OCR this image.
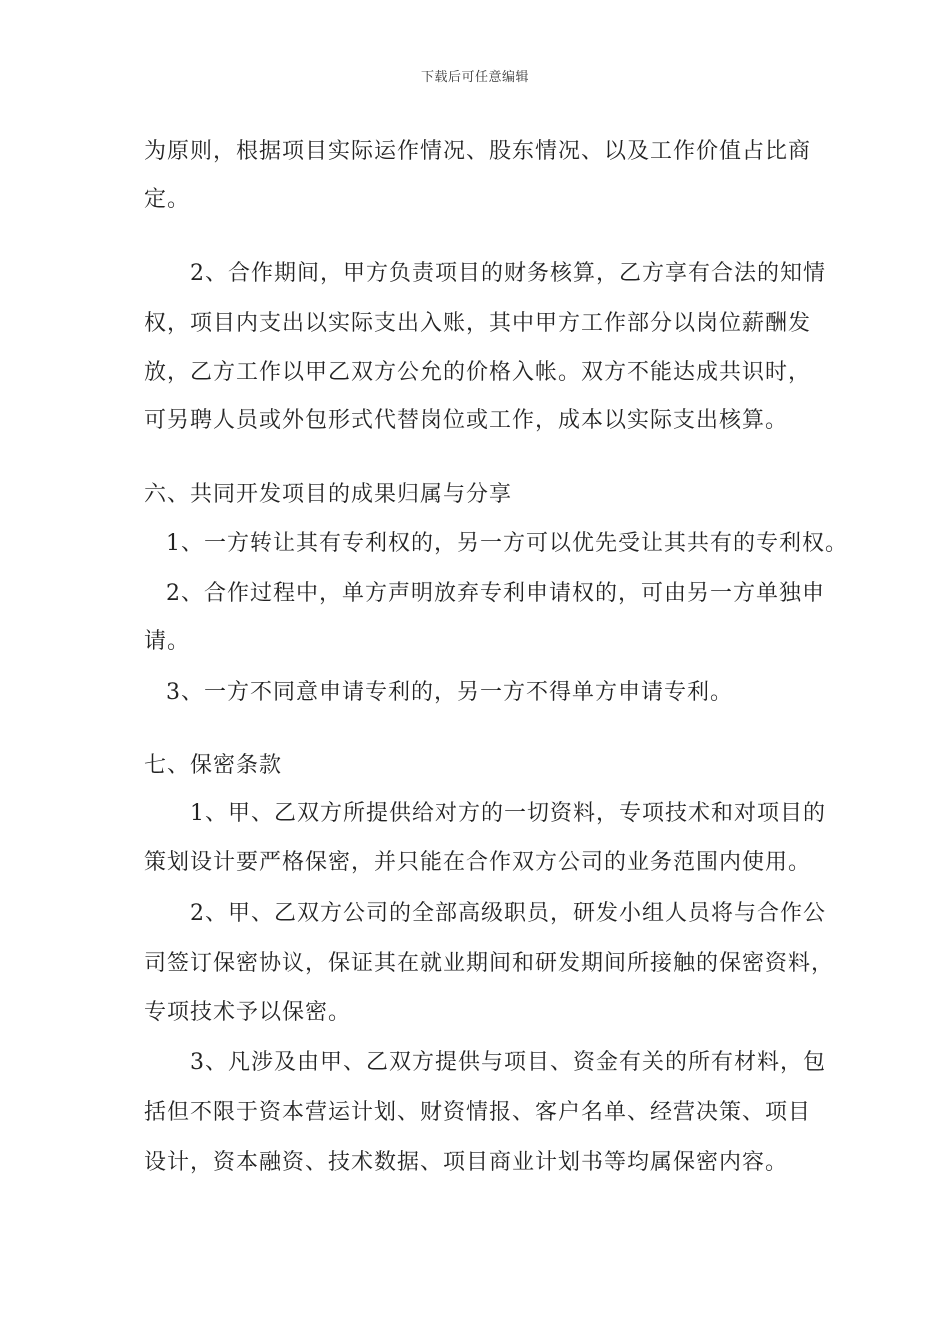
下载后可任意编辑
为原则，根据项目实际运作情况、股东情况、以及工作价值占比商
定。
2、合作期间，甲方负责项目的财务核算，乙方享有合法的知情
权，项目内支出以实际支出入账，其中甲方工作部分以岗位薪酬发
放，乙方工作以甲乙双方公允的价格入帐。双方不能达成共识时，
可另聘人员或外包形式代替岗位或工作，成本以实际支出核算。
六、共同开发项目的成果归属与分享
1、一方转让其有专利权的，另一方可以优先受让其共有的专利权。
2、合作过程中，单方声明放弃专利申请权的，可由另一方单独申
请。
3、一方不同意申请专利的，另一方不得单方申请专利。
七、保密条款
1、甲、乙双方所提供给对方的一切资料，专项技术和对项目的
策划设计要严格保密，并只能在合作双方公司的业务范围内使用。
2、甲、乙双方公司的全部高级职员，研发小组人员将与合作公
司签订保密协议，保证其在就业期间和研发期间所接触的保密资料，
专项技术予以保密。
3、凡涉及由甲、乙双方提供与项目、资金有关的所有材料，包
括但不限于资本营运计划、财资情报、客户名单、经营决策、项目
设计，资本融资、技术数据、项目商业计划书等均属保密内容。
